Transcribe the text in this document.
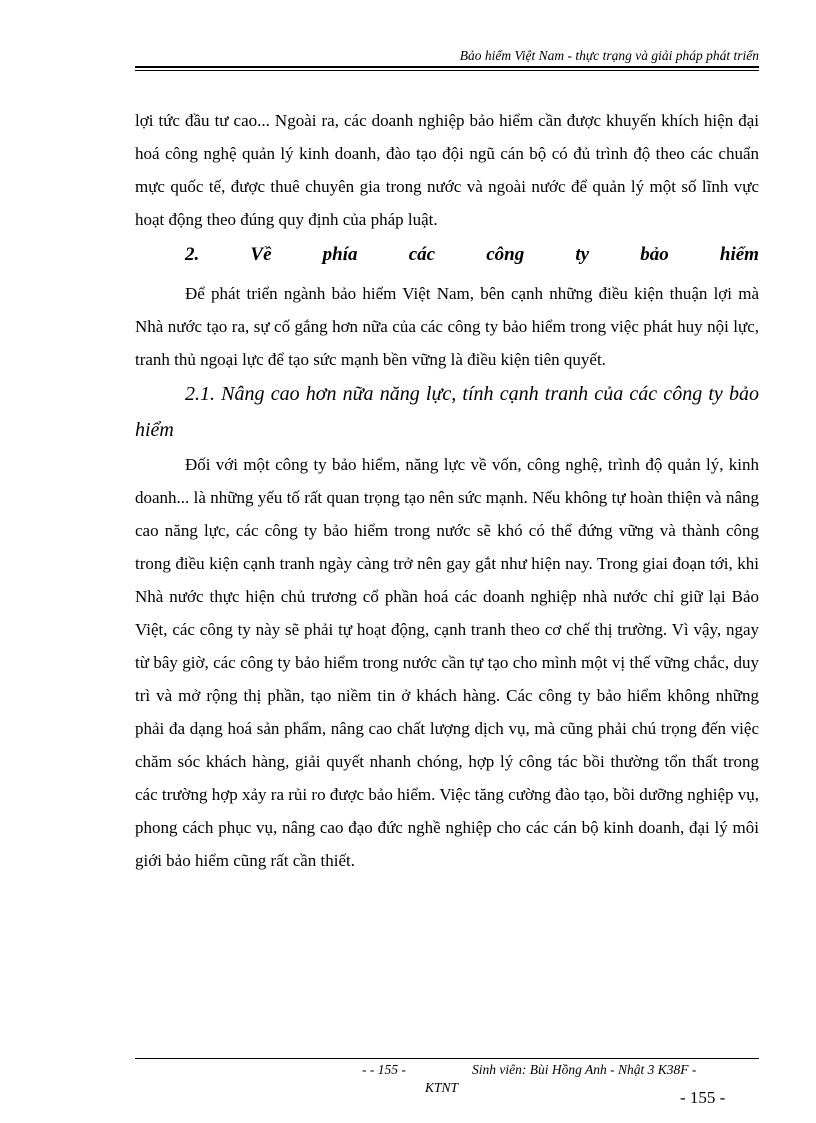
Bảo hiểm Việt Nam - thực trạng và giải pháp phát triển

lợi tức đầu tư cao... Ngoài ra, các doanh nghiệp bảo hiểm cần được khuyến khích hiện đại hoá công nghệ quản lý kinh doanh, đào tạo đội ngũ cán bộ có đủ trình độ theo các chuẩn mực quốc tế, được thuê chuyên gia trong nước và ngoài nước để quản lý một số lĩnh vực hoạt động theo đúng quy định của pháp luật.

2.	Về	phía	các	công	ty	bảo	hiểm

Để phát triển ngành bảo hiểm Việt Nam, bên cạnh những điều kiện thuận lợi mà Nhà nước tạo ra, sự cố gắng hơn nữa của các công ty bảo hiểm trong việc phát huy nội lực, tranh thủ ngoại lực để tạo sức mạnh bền vững là điều kiện tiên quyết.

2.1. Nâng cao hơn nữa năng lực, tính cạnh tranh của các công ty bảo hiểm

Đối với một công ty bảo hiểm, năng lực về vốn, công nghệ, trình độ quản lý, kinh doanh... là những yếu tố rất quan trọng tạo nên sức mạnh. Nếu không tự hoàn thiện và nâng cao năng lực, các công ty bảo hiểm trong nước sẽ khó có thể đứng vững và thành công trong điều kiện cạnh tranh ngày càng trở nên gay gắt như hiện nay. Trong giai đoạn tới, khi Nhà nước thực hiện chủ trương cổ phần hoá các doanh nghiệp nhà nước chỉ giữ lại Bảo Việt, các công ty này sẽ phải tự hoạt động, cạnh tranh theo cơ chế thị trường. Vì vậy, ngay từ bây giờ, các công ty bảo hiểm trong nước cần tự tạo cho mình một vị thế vững chắc, duy trì và mở rộng thị phần, tạo niềm tin ở khách hàng. Các công ty bảo hiểm không những phải đa dạng hoá sản phẩm, nâng cao chất lượng dịch vụ, mà cũng phải chú trọng đến việc chăm sóc khách hàng, giải quyết nhanh chóng, hợp lý công tác bồi thường tổn thất trong các trường hợp xảy ra rủi ro được bảo hiểm. Việc tăng cường đào tạo, bồi dưỡng nghiệp vụ, phong cách phục vụ, nâng cao đạo đức nghề nghiệp cho các cán bộ kinh doanh, đại lý môi giới bảo hiểm cũng rất cần thiết.

- - 155 -	Sinh viên: Bùi Hồng Anh - Nhật 3 K38F -
KTNT
- 155 -
